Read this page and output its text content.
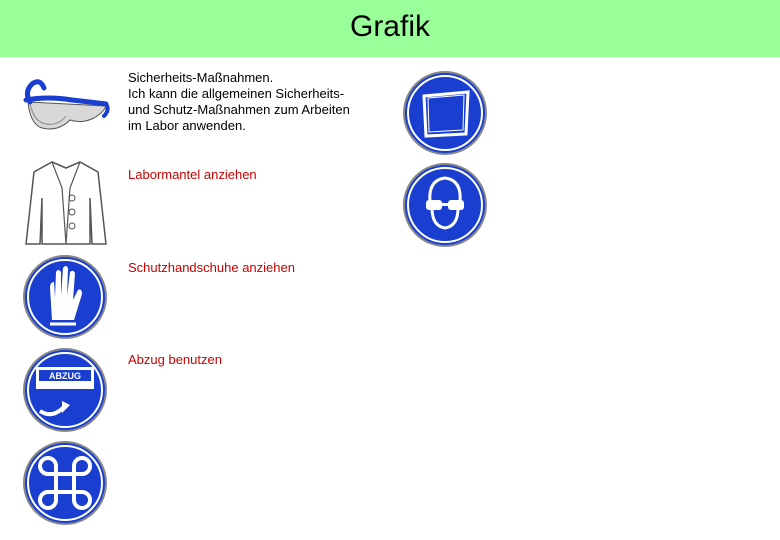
Grafik
ABZUG
Sicherheits-Maßnahmen.
Ich kann die allgemeinen Sicherheits-
und Schutz-Maßnahmen zum Arbeiten
im Labor anwenden.
Labormantel anziehen
Schutzhandschuhe anziehen
Abzug benutzen
